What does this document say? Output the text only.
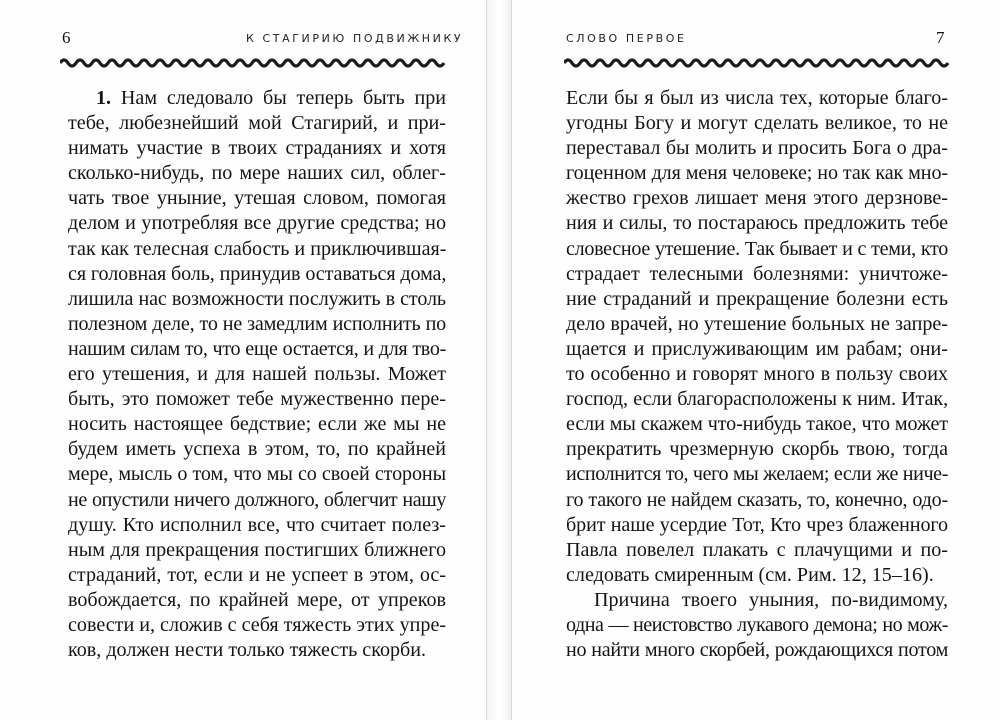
6	К СТАГИРИЮ ПОДВИЖНИКУ
1. Нам следовало бы теперь быть при
тебе, любезнейший мой Стагирий, и при-
нимать участие в твоих страданиях и хотя
сколько-нибудь, по мере наших сил, облег-
чать твое уныние, утешая словом, помогая
делом и употребляя все другие средства; но
так как телесная слабость и приключившая-
ся головная боль, принудив оставаться дома,
лишила нас возможности послужить в столь
полезном деле, то не замедлим исполнить по
нашим силам то, что еще остается, и для тво-
его утешения, и для нашей пользы. Может
быть, это поможет тебе мужественно пере-
носить настоящее бедствие; если же мы не
будем иметь успеха в этом, то, по крайней
мере, мысль о том, что мы со своей стороны
не опустили ничего должного, облегчит нашу
душу. Кто исполнил все, что считает полез-
ным для прекращения постигших ближнего
страданий, тот, если и не успеет в этом, ос-
вобождается, по крайней мере, от упреков
совести и, сложив с себя тяжесть этих упре-
ков, должен нести только тяжесть скорби.
СЛОВО ПЕРВОЕ	7
Если бы я был из числа тех, которые благо-
угодны Богу и могут сделать великое, то не
переставал бы молить и просить Бога о дра-
гоценном для меня человеке; но так как мно-
жество грехов лишает меня этого дерзнове-
ния и силы, то постараюсь предложить тебе
словесное утешение. Так бывает и с теми, кто
страдает телесными болезнями: уничтоже-
ние страданий и прекращение болезни есть
дело врачей, но утешение больных не запре-
щается и прислуживающим им рабам; они-
то особенно и говорят много в пользу своих
господ, если благорасположены к ним. Итак,
если мы скажем что-нибудь такое, что может
прекратить чрезмерную скорбь твою, тогда
исполнится то, чего мы желаем; если же ниче-
го такого не найдем сказать, то, конечно, одо-
брит наше усердие Тот, Кто чрез блаженного
Павла повелел плакать с плачущими и по-
следовать смиренным (см. Рим. 12, 15–16).
Причина твоего уныния, по-видимому,
одна — неистовство лукавого демона; но мож-
но найти много скорбей, рождающихся потом
